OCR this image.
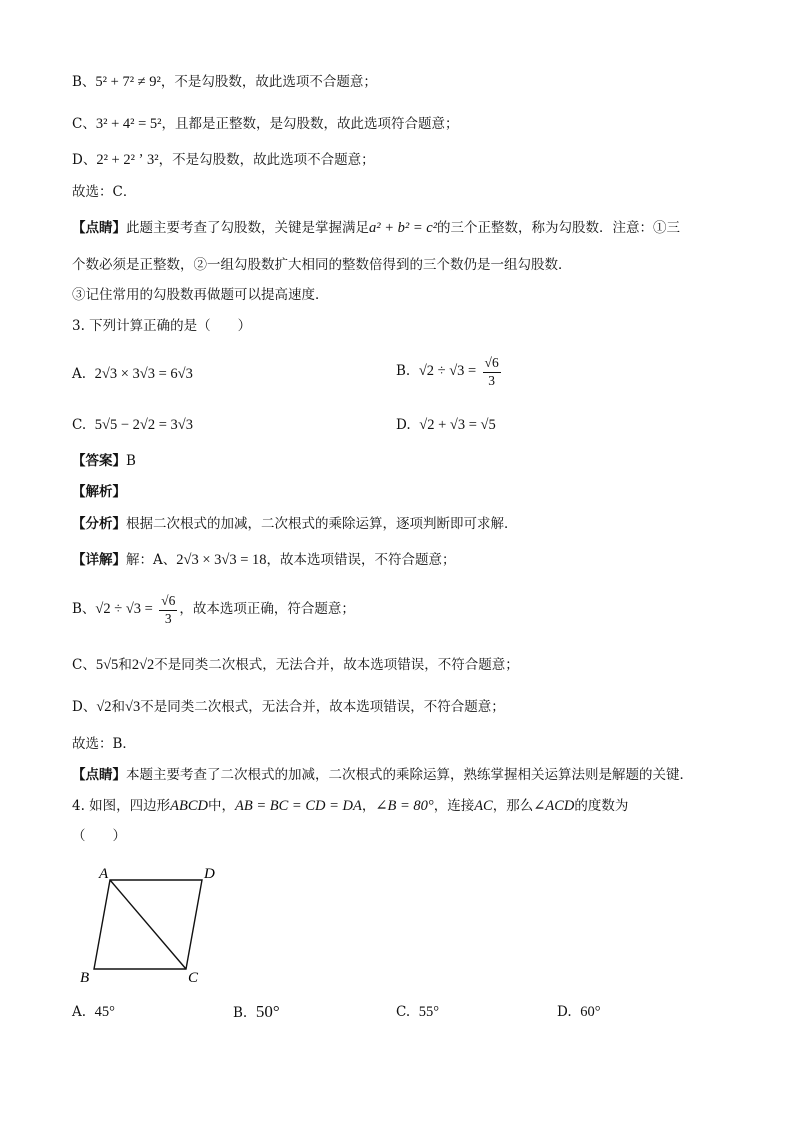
B、5² + 7² ≠ 9²，不是勾股数，故此选项不合题意；
C、3² + 4² = 5²，且都是正整数，是勾股数，故此选项符合题意；
D、2² + 2² ʼ 3²，不是勾股数，故此选项不合题意；
故选：C．
【点睛】此题主要考查了勾股数，关键是掌握满足a² + b² = c²的三个正整数，称为勾股数．注意：①三
个数必须是正整数，②一组勾股数扩大相同的整数倍得到的三个数仍是一组勾股数．
③记住常用的勾股数再做题可以提高速度．
3. 下列计算正确的是（　　）
A. 2√3 × 3√3 = 6√3	B. $√2 \div √3 = \frac{√6}{3}$
C. 5√5 − 2√2 = 3√3	D. √2 + √3 = √5
【答案】B
【解析】
【分析】根据二次根式的加减，二次根式的乘除运算，逐项判断即可求解．
【详解】解：A、2√3 × 3√3 = 18，故本选项错误，不符合题意；
B、$√2 \div √3 = \frac{√6}{3}$ ，故本选项正确，符合题意；
C、5√5和2√2不是同类二次根式，无法合并，故本选项错误，不符合题意；
D、√2和√3不是同类二次根式，无法合并，故本选项错误，不符合题意；
故选：B．
【点睛】本题主要考查了二次根式的加减，二次根式的乘除运算，熟练掌握相关运算法则是解题的关键．
4. 如图，四边形ABCD中，AB = BC = CD = DA，∠B = 80°，连接AC，那么∠ACD的度数为
（　　）
A	D
B	C
A. 45°	B. 50°	C. 55°	D. 60°
